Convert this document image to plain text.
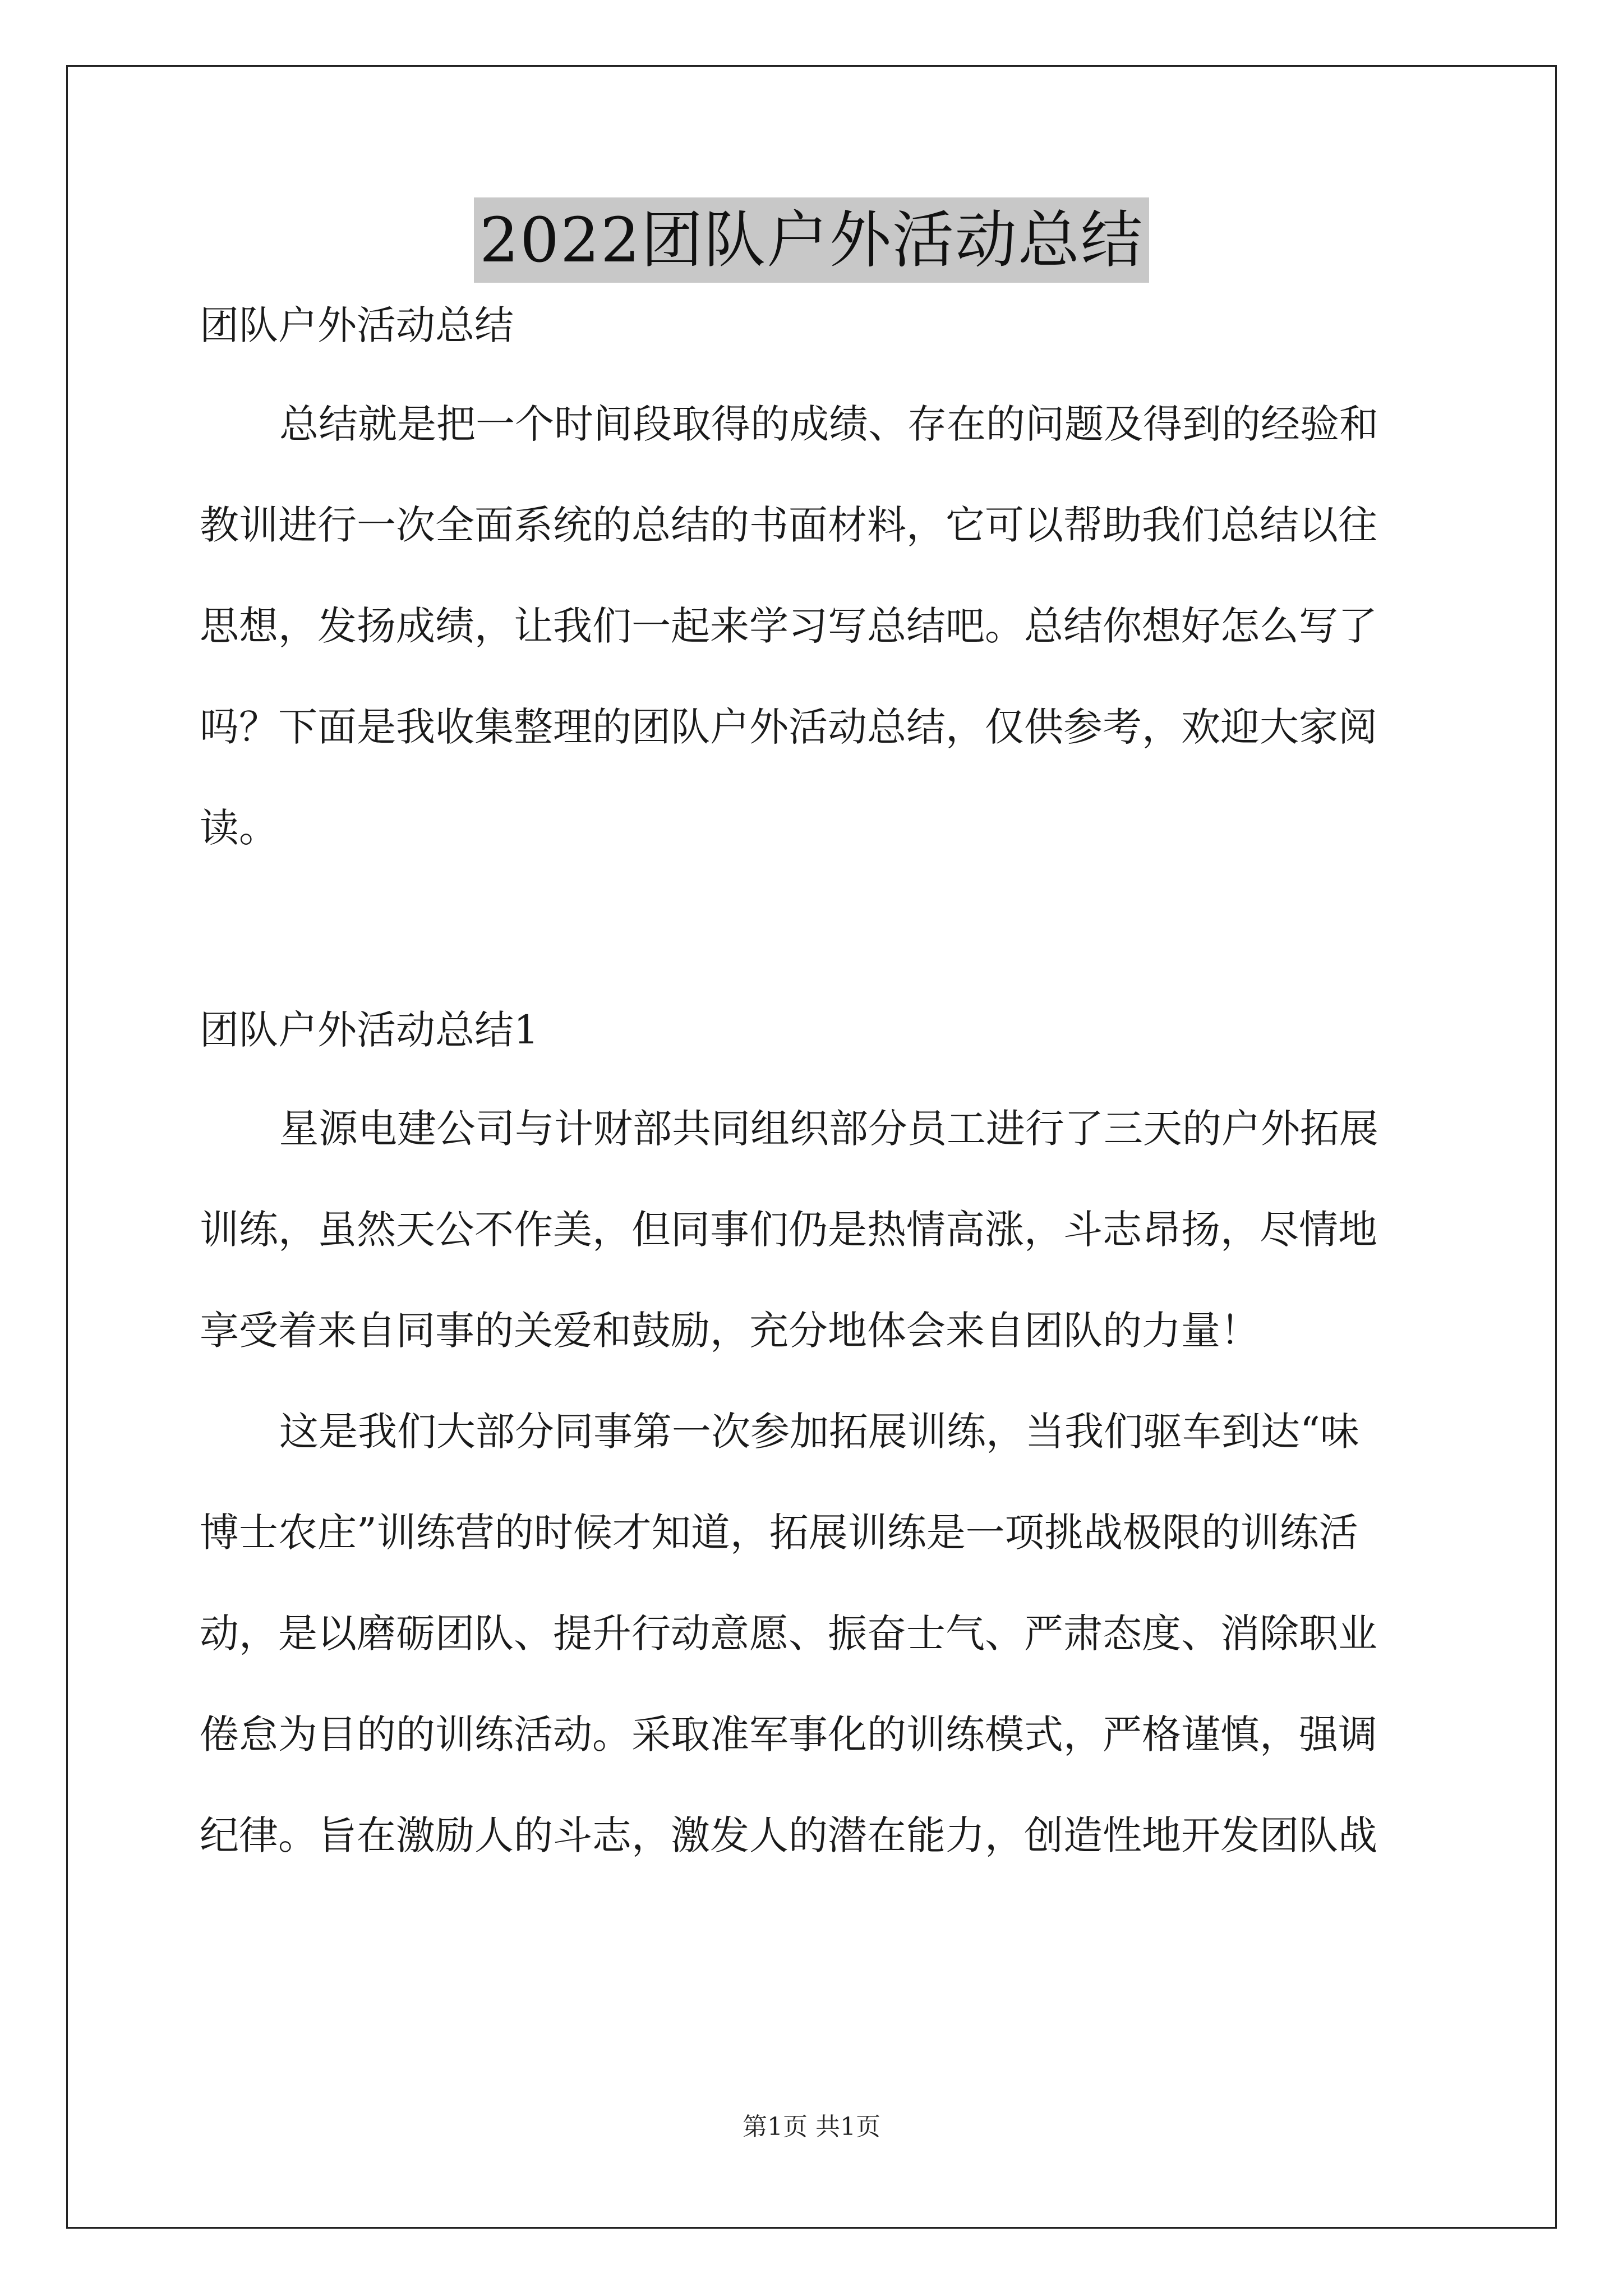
2022团队户外活动总结
团队户外活动总结
总结就是把一个时间段取得的成绩、存在的问题及得到的经验和
教训进行一次全面系统的总结的书面材料，它可以帮助我们总结以往
思想，发扬成绩，让我们一起来学习写总结吧。总结你想好怎么写了
吗？下面是我收集整理的团队户外活动总结，仅供参考，欢迎大家阅
读。
团队户外活动总结1
星源电建公司与计财部共同组织部分员工进行了三天的户外拓展
训练，虽然天公不作美，但同事们仍是热情高涨，斗志昂扬，尽情地
享受着来自同事的关爱和鼓励，充分地体会来自团队的力量！
这是我们大部分同事第一次参加拓展训练，当我们驱车到达“味
博士农庄”训练营的时候才知道，拓展训练是一项挑战极限的训练活
动，是以磨砺团队、提升行动意愿、振奋士气、严肃态度、消除职业
倦怠为目的的训练活动。采取准军事化的训练模式，严格谨慎，强调
纪律。旨在激励人的斗志，激发人的潜在能力，创造性地开发团队战
第1页 共1页
